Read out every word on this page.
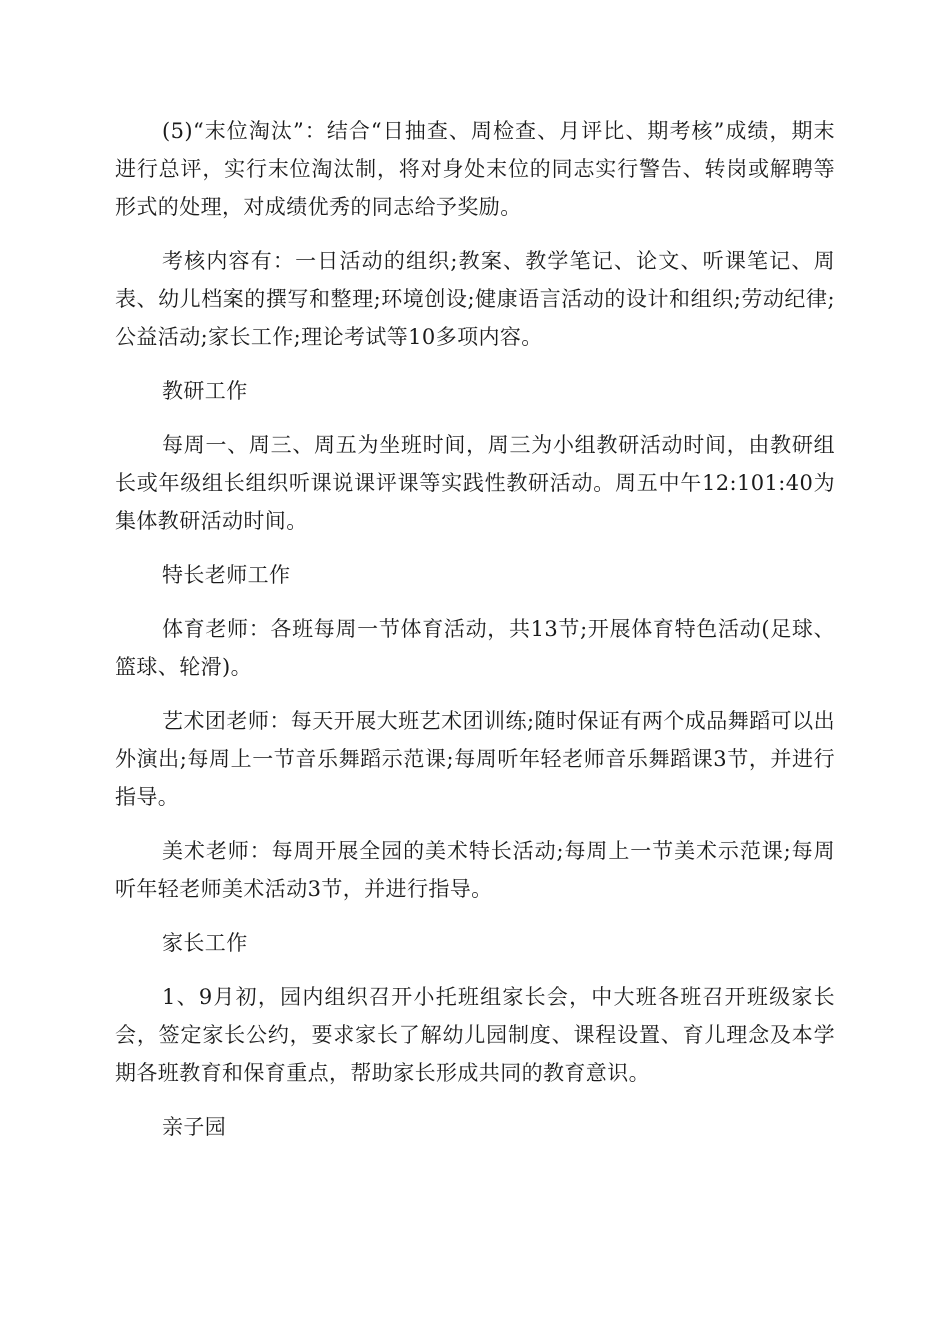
(5)“末位淘汰”：结合“日抽查、周检查、月评比、期考核”成绩，期末进行总评，实行末位淘汰制，将对身处末位的同志实行警告、转岗或解聘等形式的处理，对成绩优秀的同志给予奖励。

考核内容有：一日活动的组织;教案、教学笔记、论文、听课笔记、周表、幼儿档案的撰写和整理;环境创设;健康语言活动的设计和组织;劳动纪律;公益活动;家长工作;理论考试等10多项内容。

教研工作

每周一、周三、周五为坐班时间，周三为小组教研活动时间，由教研组长或年级组长组织听课说课评课等实践性教研活动。周五中午12:101:40为集体教研活动时间。

特长老师工作

体育老师：各班每周一节体育活动，共13节;开展体育特色活动(足球、篮球、轮滑)。

艺术团老师：每天开展大班艺术团训练;随时保证有两个成品舞蹈可以出外演出;每周上一节音乐舞蹈示范课;每周听年轻老师音乐舞蹈课3节，并进行指导。

美术老师：每周开展全园的美术特长活动;每周上一节美术示范课;每周听年轻老师美术活动3节，并进行指导。

家长工作

1、9月初，园内组织召开小托班组家长会，中大班各班召开班级家长会，签定家长公约，要求家长了解幼儿园制度、课程设置、育儿理念及本学期各班教育和保育重点，帮助家长形成共同的教育意识。

亲子园
